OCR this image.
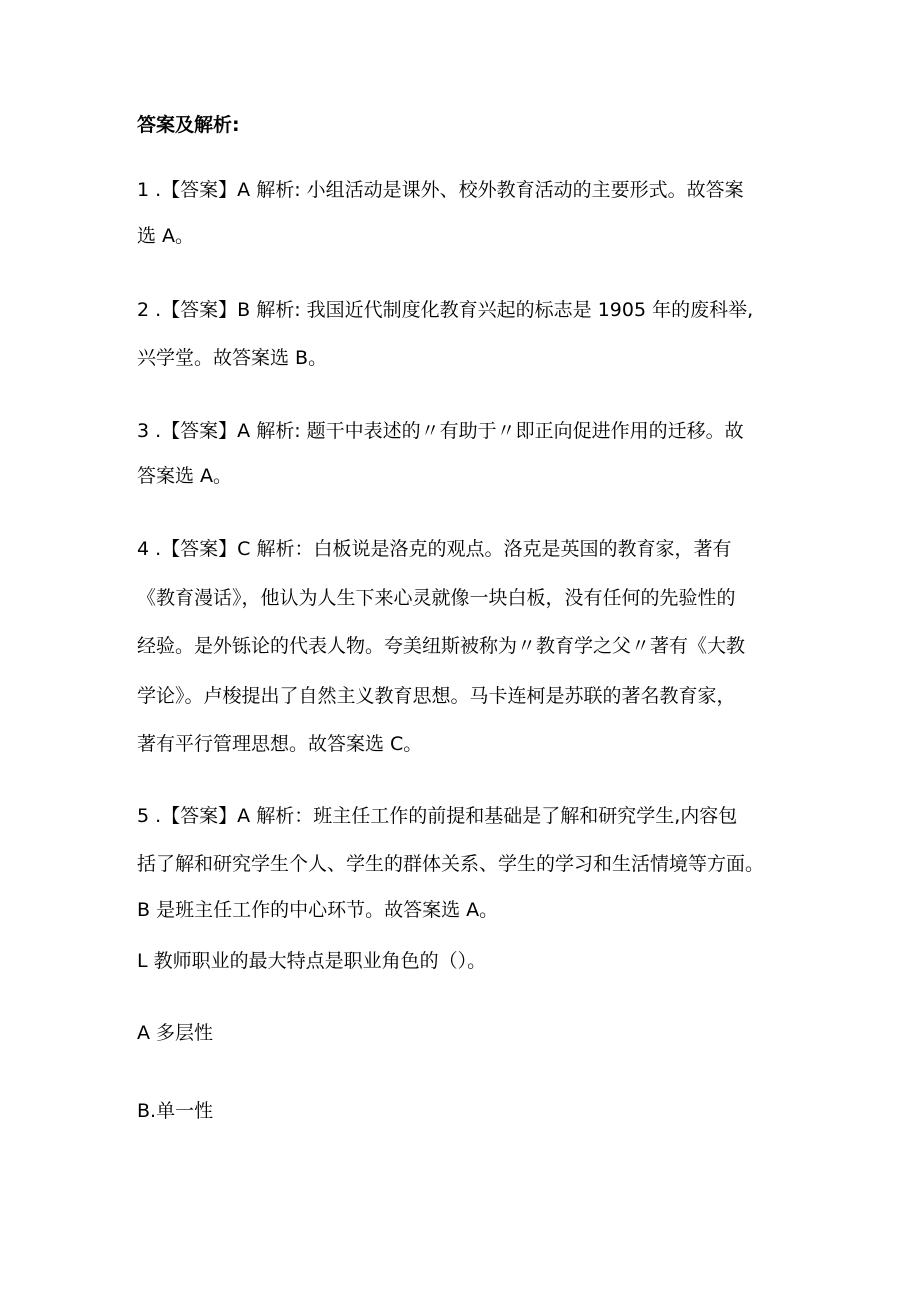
答案及解析:
1 .【答案】A 解析: 小组活动是课外、校外教育活动的主要形式。故答案
选 A。
2 .【答案】B 解析: 我国近代制度化教育兴起的标志是 1905 年的废科举,
兴学堂。故答案选 B。
3 .【答案】A 解析: 题干中表述的〃有助于〃即正向促进作用的迁移。故
答案选 A。
4 .【答案】C 解析：白板说是洛克的观点。洛克是英国的教育家，著有
《教育漫话》，他认为人生下来心灵就像一块白板，没有任何的先验性的
经验。是外铄论的代表人物。夸美纽斯被称为〃教育学之父〃著有《大教
学论》。卢梭提出了自然主义教育思想。马卡连柯是苏联的著名教育家，
著有平行管理思想。故答案选 C。
5 .【答案】A 解析：班主任工作的前提和基础是了解和研究学生,内容包
括了解和研究学生个人、学生的群体关系、学生的学习和生活情境等方面。
B 是班主任工作的中心环节。故答案选 A。
L 教师职业的最大特点是职业角色的（）。
A 多层性
B.单一性
